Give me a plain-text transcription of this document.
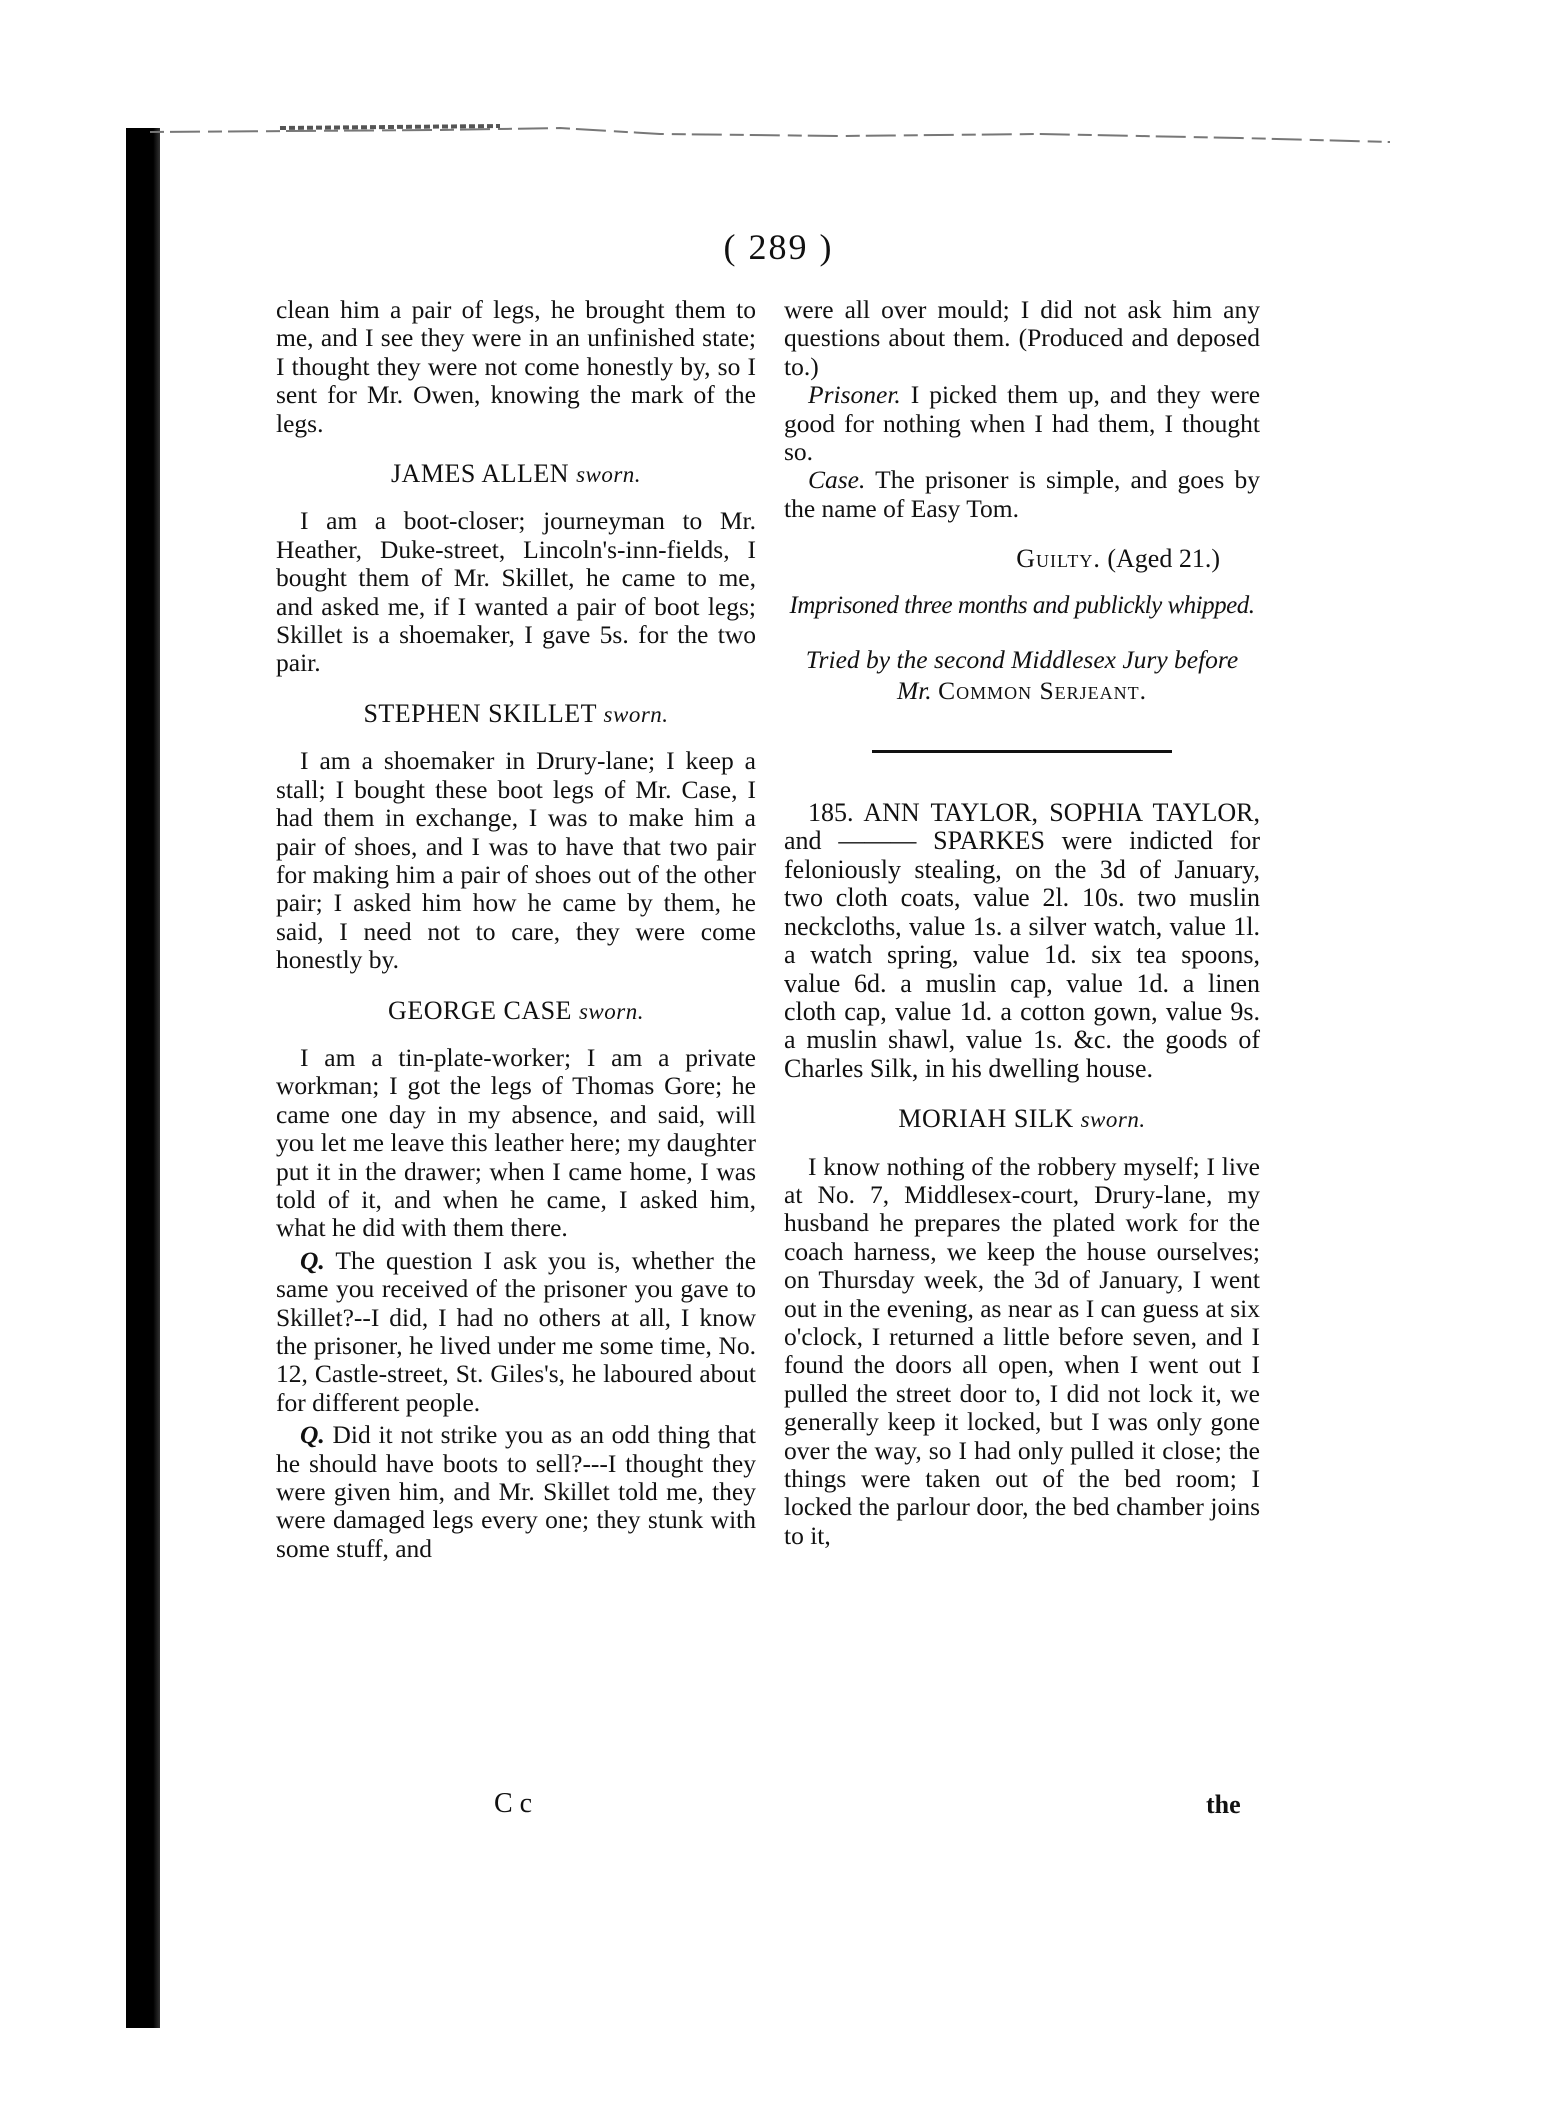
( 289 )

clean him a pair of legs, he brought them to me, and I see they were in an unfinished state; I thought they were not come honestly by, so I sent for Mr. Owen, knowing the mark of the legs.

JAMES ALLEN sworn.

I am a boot-closer; journeyman to Mr. Heather, Duke-street, Lincoln's-inn-fields, I bought them of Mr. Skillet, he came to me, and asked me, if I wanted a pair of boot legs; Skillet is a shoemaker, I gave 5s. for the two pair.

STEPHEN SKILLET sworn.

I am a shoemaker in Drury-lane; I keep a stall; I bought these boot legs of Mr. Case, I had them in exchange, I was to make him a pair of shoes, and I was to have that two pair for making him a pair of shoes out of the other pair; I asked him how he came by them, he said, I need not to care, they were come honestly by.

GEORGE CASE sworn.

I am a tin-plate-worker; I am a private workman; I got the legs of Thomas Gore; he came one day in my absence, and said, will you let me leave this leather here; my daughter put it in the drawer; when I came home, I was told of it, and when he came, I asked him, what he did with them there.

Q. The question I ask you is, whether the same you received of the prisoner you gave to Skillet?--I did, I had no others at all, I know the prisoner, he lived under me some time, No. 12, Castle-street, St. Giles's, he laboured about for different people.

Q. Did it not strike you as an odd thing that he should have boots to sell?---I thought they were given him, and Mr. Skillet told me, they were damaged legs every one; they stunk with some stuff, and

were all over mould; I did not ask him any questions about them. (Produced and deposed to.)

Prisoner. I picked them up, and they were good for nothing when I had them, I thought so.

Case. The prisoner is simple, and goes by the name of Easy Tom.

Guilty. (Aged 21.)
Imprisoned three months and publickly whipped.
Tried by the second Middlesex Jury before
Mr. Common Serjeant.

185. ANN TAYLOR, SOPHIA TAYLOR, and ——— SPARKES were indicted for feloniously stealing, on the 3d of January, two cloth coats, value 2l. 10s. two muslin neckcloths, value 1s. a silver watch, value 1l. a watch spring, value 1d. six tea spoons, value 6d. a muslin cap, value 1d. a linen cloth cap, value 1d. a cotton gown, value 9s. a muslin shawl, value 1s. &c. the goods of Charles Silk, in his dwelling house.

MORIAH SILK sworn.

I know nothing of the robbery myself; I live at No. 7, Middlesex-court, Drury-lane, my husband he prepares the plated work for the coach harness, we keep the house ourselves; on Thursday week, the 3d of January, I went out in the evening, as near as I can guess at six o'clock, I returned a little before seven, and I found the doors all open, when I went out I pulled the street door to, I did not lock it, we generally keep it locked, but I was only gone over the way, so I had only pulled it close; the things were taken out of the bed room; I locked the parlour door, the bed chamber joins to it,

C c	the
